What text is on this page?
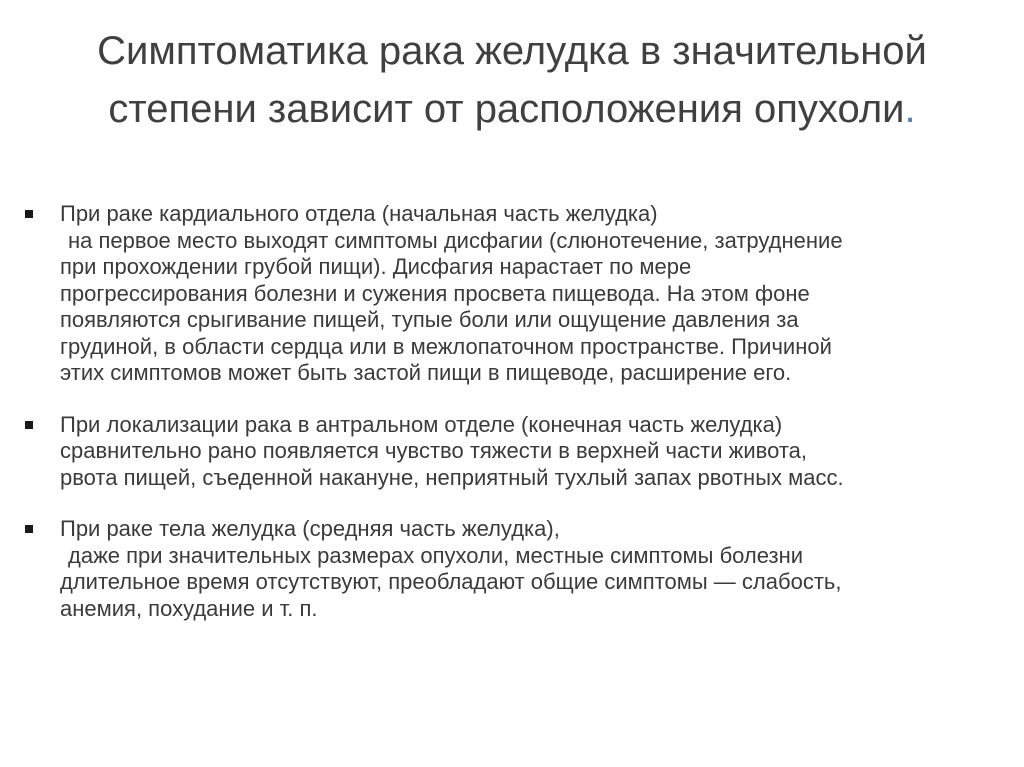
Симптоматика рака желудка в значительной
степени зависит от расположения опухоли.
При раке кардиального отдела (начальная часть желудка)
на первое место выходят симптомы дисфагии (слюнотечение, затруднение
при прохождении грубой пищи). Дисфагия нарастает по мере
прогрессирования болезни и сужения просвета пищевода. На этом фоне
появляются срыгивание пищей, тупые боли или ощущение давления за
грудиной, в области сердца или в межлопаточном пространстве. Причиной
этих симптомов может быть застой пищи в пищеводе, расширение его.
При локализации рака в антральном отделе (конечная часть желудка)
сравнительно рано появляется чувство тяжести в верхней части живота,
рвота пищей, съеденной накануне, неприятный тухлый запах рвотных масс.
При раке тела желудка (средняя часть желудка),
даже при значительных размерах опухоли, местные симптомы болезни
длительное время отсутствуют, преобладают общие симптомы — слабость,
анемия, похудание и т. п.
